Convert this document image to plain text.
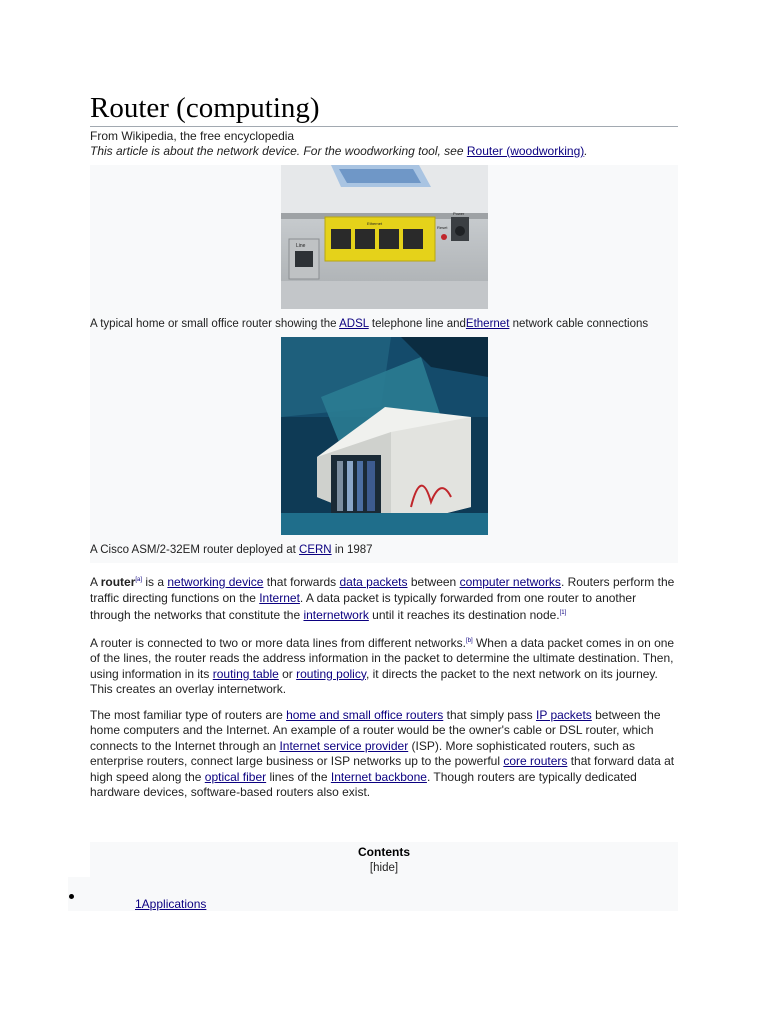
Router (computing)
From Wikipedia, the free encyclopedia
This article is about the network device. For the woodworking tool, see Router (woodworking).
Line
Ethernet
Reset
Power
A typical home or small office router showing the ADSL telephone line andEthernet network cable connections
A Cisco ASM/2-32EM router deployed at CERN in 1987

A router[a] is a networking device that forwards data packets between computer networks. Routers perform the traffic directing functions on the Internet. A data packet is typically forwarded from one router to another through the networks that constitute the internetwork until it reaches its destination node.[1]

A router is connected to two or more data lines from different networks.[b] When a data packet comes in on one of the lines, the router reads the address information in the packet to determine the ultimate destination. Then, using information in its routing table or routing policy, it directs the packet to the next network on its journey. This creates an overlay internetwork.

The most familiar type of routers are home and small office routers that simply pass IP packets between the home computers and the Internet. An example of a router would be the owner's cable or DSL router, which connects to the Internet through an Internet service provider (ISP). More sophisticated routers, such as enterprise routers, connect large business or ISP networks up to the powerful core routers that forward data at high speed along the optical fiber lines of the Internet backbone. Though routers are typically dedicated hardware devices, software-based routers also exist.

Contents
[hide]
1Applications
